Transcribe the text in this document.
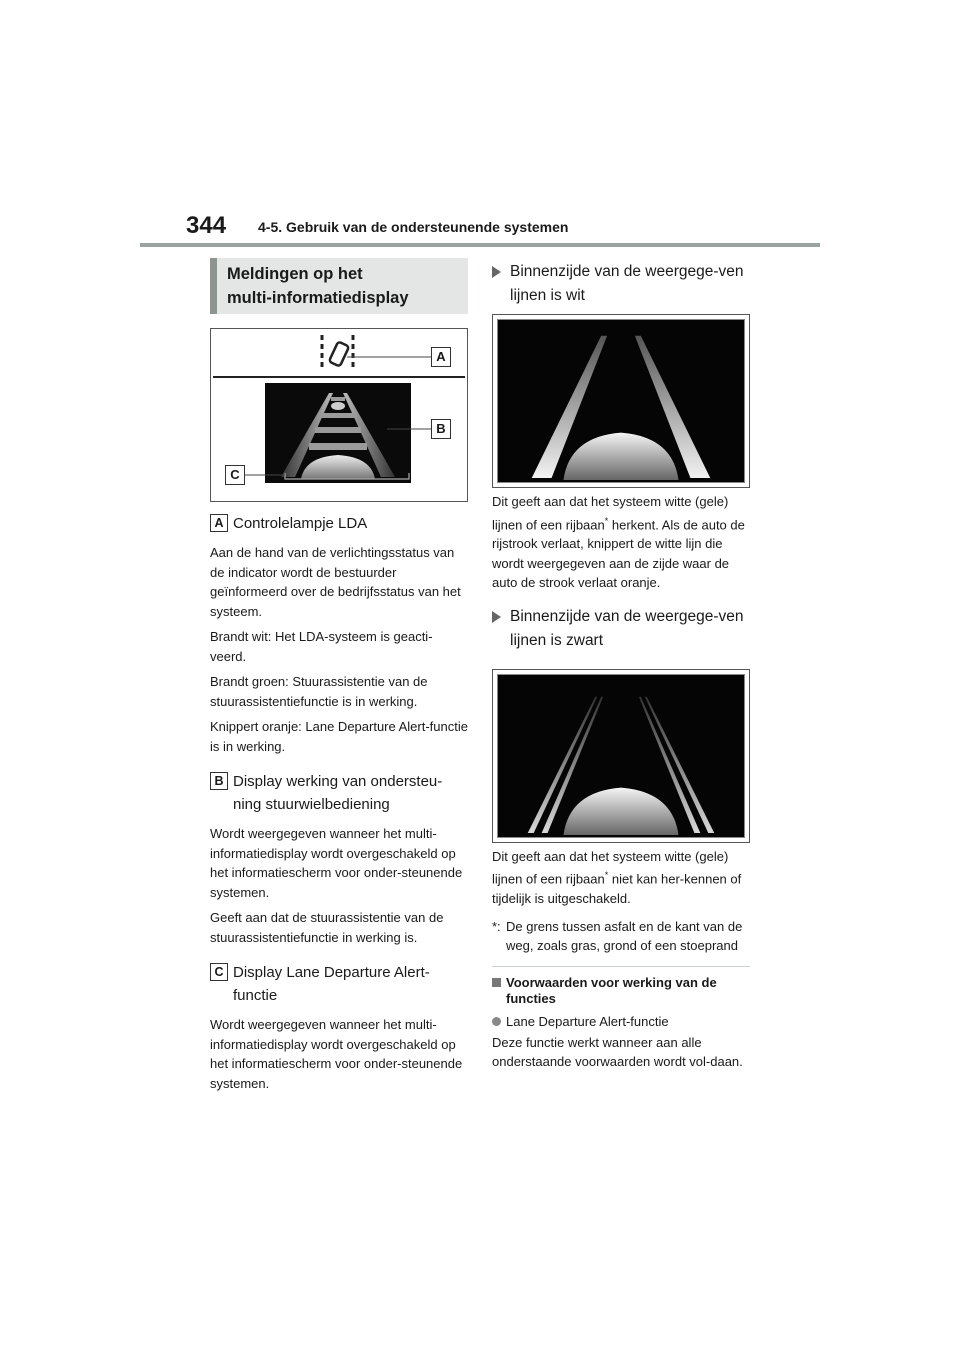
344 4-5. Gebruik van de ondersteunende systemen
Meldingen op het
multi-informatiedisplay
A
B
C
A Controlelampje LDA

Aan de hand van de verlichtingsstatus van de indicator wordt de bestuurder geïnformeerd over de bedrijfsstatus van het systeem.

Brandt wit: Het LDA-systeem is geacti-veerd.

Brandt groen: Stuurassistentie van de stuurassistentiefunctie is in werking.

Knippert oranje: Lane Departure Alert-functie is in werking.

B Display werking van ondersteu-ning stuurwielbediening

Wordt weergegeven wanneer het multi-informatiedisplay wordt overgeschakeld op het informatiescherm voor onder-steunende systemen.

Geeft aan dat de stuurassistentie van de stuurassistentiefunctie in werking is.

C Display Lane Departure Alert-functie

Wordt weergegeven wanneer het multi-informatiedisplay wordt overgeschakeld op het informatiescherm voor onder-steunende systemen.

Binnenzijde van de weergege-ven lijnen is wit

Dit geeft aan dat het systeem witte (gele) lijnen of een rijbaan* herkent. Als de auto de rijstrook verlaat, knippert de witte lijn die wordt weergegeven aan de zijde waar de auto de strook verlaat oranje.

Binnenzijde van de weergege-ven lijnen is zwart

Dit geeft aan dat het systeem witte (gele) lijnen of een rijbaan* niet kan her-kennen of tijdelijk is uitgeschakeld.

*: De grens tussen asfalt en de kant van de weg, zoals gras, grond of een stoeprand
Voorwaarden voor werking van de functies
Lane Departure Alert-functie

Deze functie werkt wanneer aan alle onderstaande voorwaarden wordt vol-daan.
